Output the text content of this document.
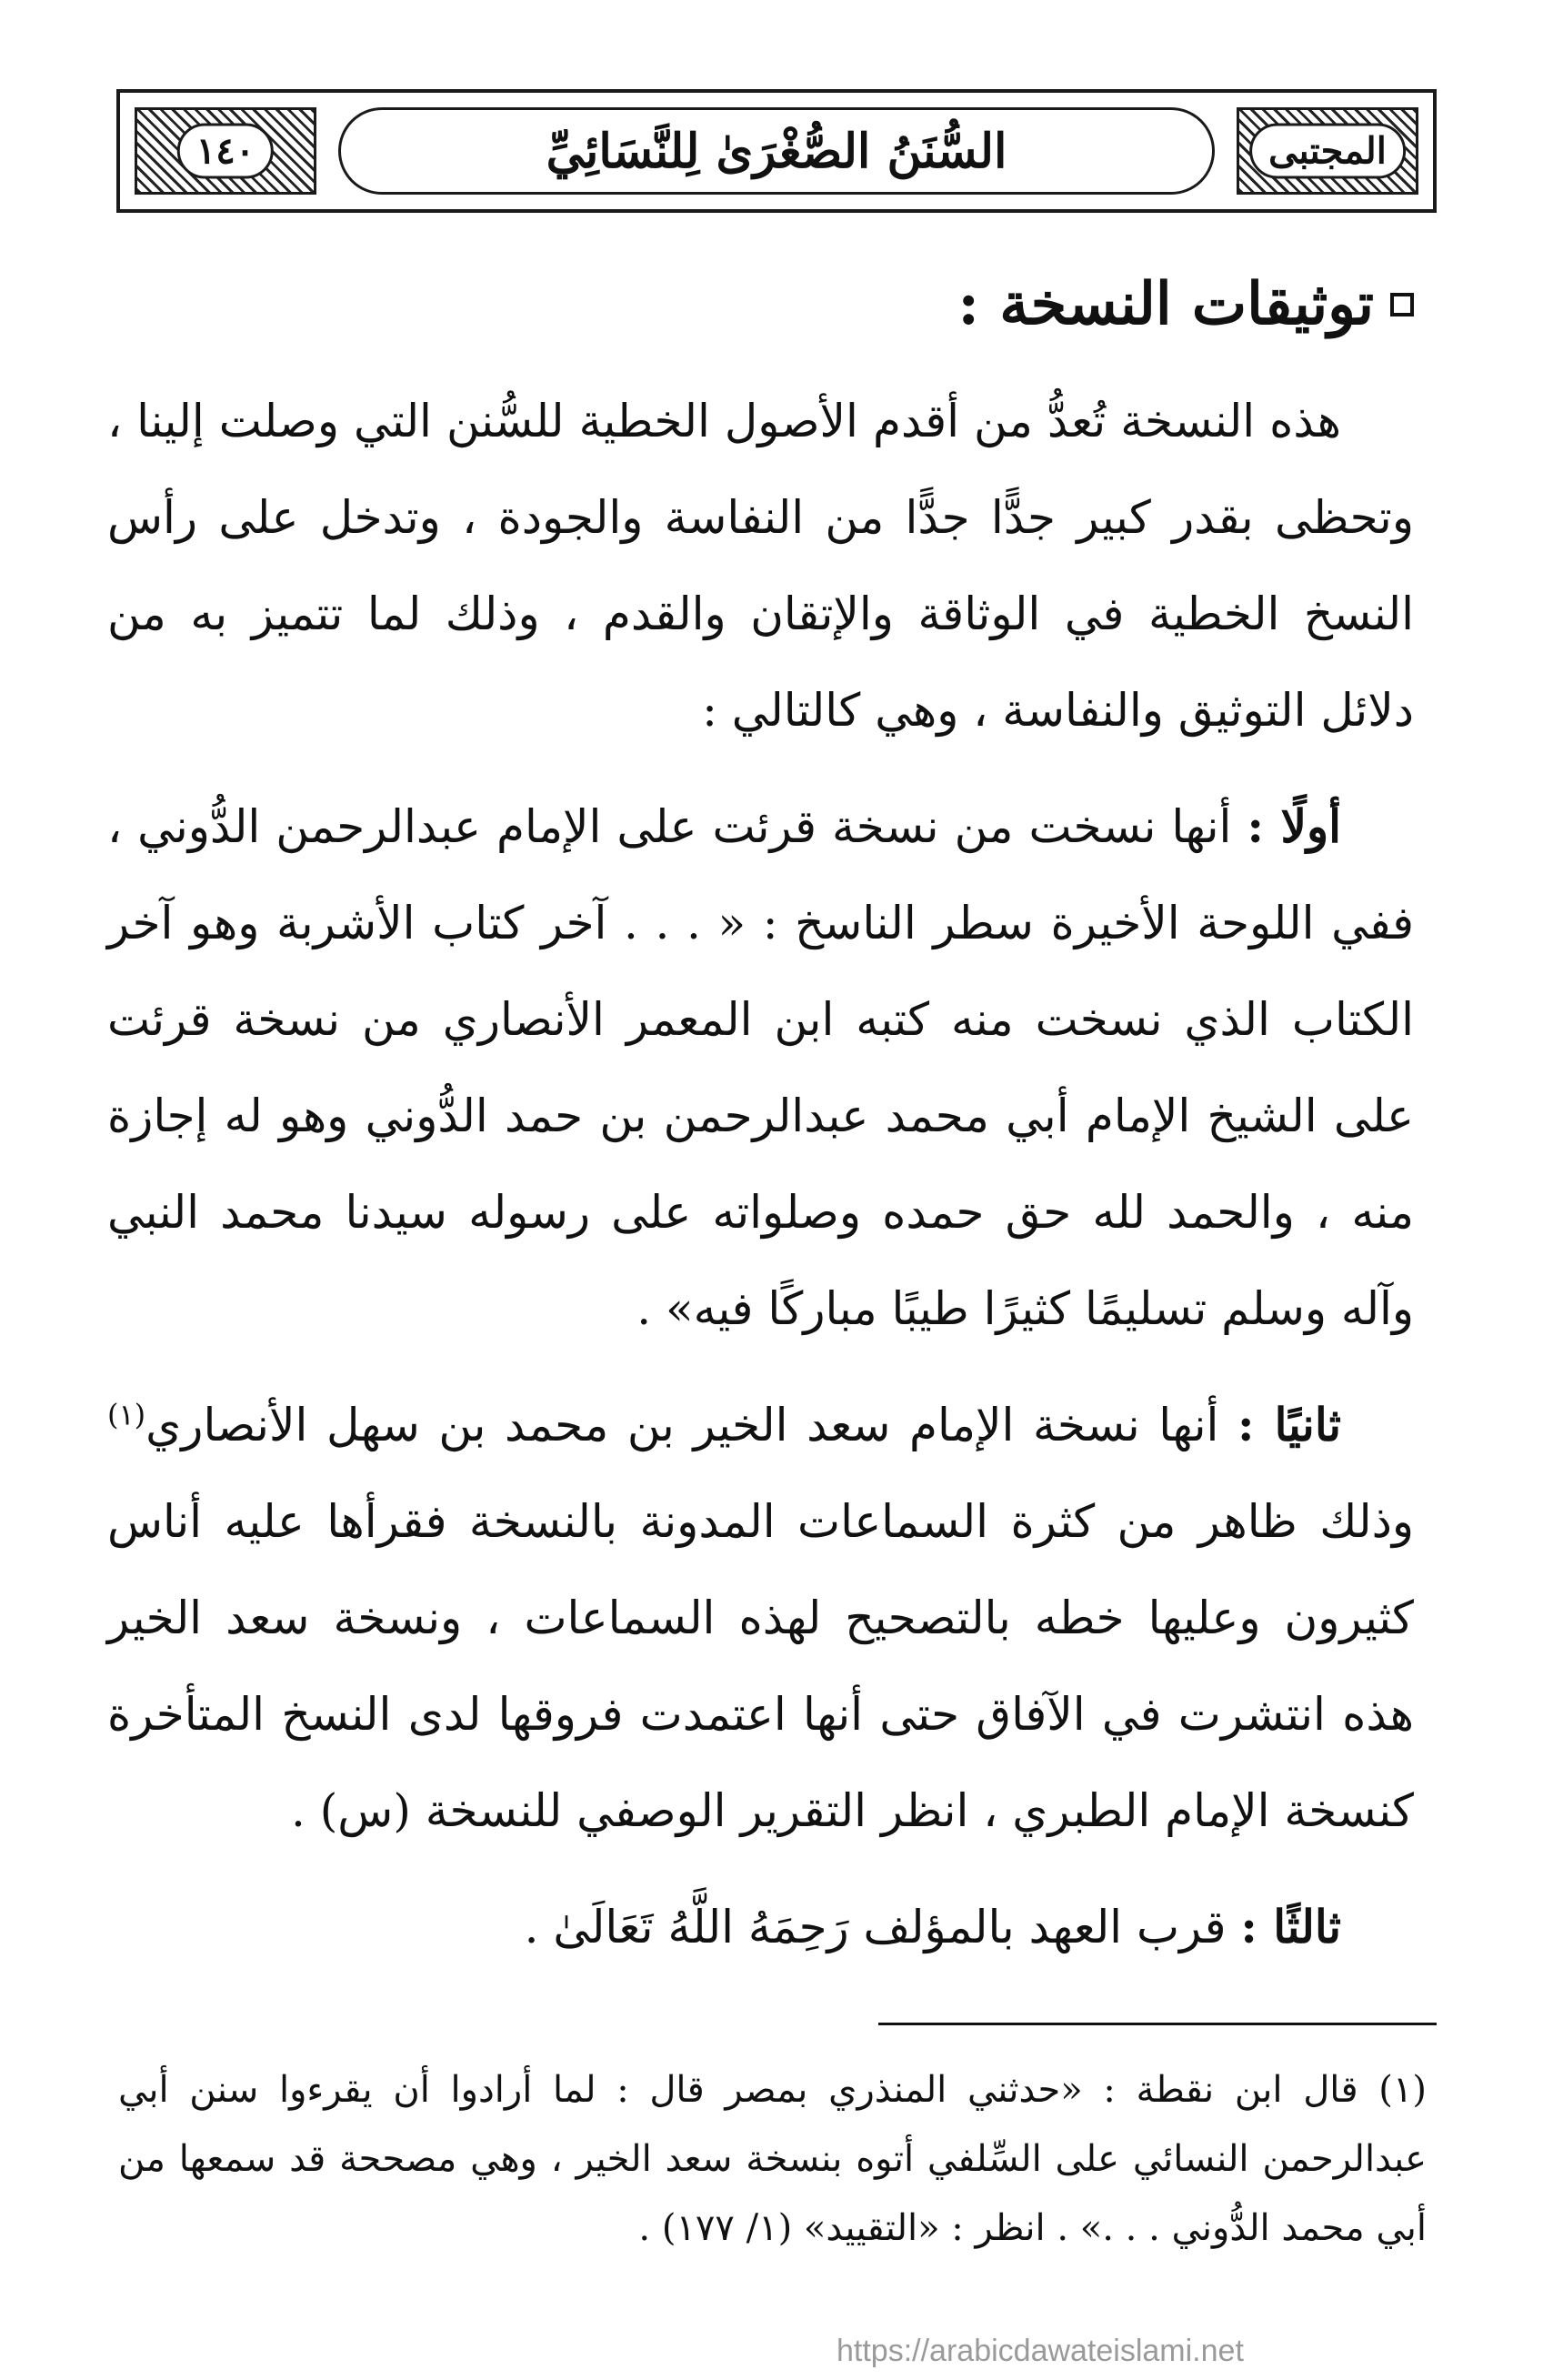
١٤٠	السُّنَنُ الصُّغْرَىٰ لِلنَّسَائِيِّ	المجتبى
توثيقات النسخة :

هذه النسخة تُعدُّ من أقدم الأصول الخطية للسُّنن التي وصلت إلينا ، وتحظى بقدر كبير جدًّا جدًّا من النفاسة والجودة ، وتدخل على رأس النسخ الخطية في الوثاقة والإتقان والقدم ، وذلك لما تتميز به من دلائل التوثيق والنفاسة ، وهي كالتالي :

أولًا : أنها نسخت من نسخة قرئت على الإمام عبدالرحمن الدُّوني ، ففي اللوحة الأخيرة سطر الناسخ : « . . . آخر كتاب الأشربة وهو آخر الكتاب الذي نسخت منه كتبه ابن المعمر الأنصاري من نسخة قرئت على الشيخ الإمام أبي محمد عبدالرحمن بن حمد الدُّوني وهو له إجازة منه ، والحمد لله حق حمده وصلواته على رسوله سيدنا محمد النبي وآله وسلم تسليمًا كثيرًا طيبًا مباركًا فيه» .

ثانيًا : أنها نسخة الإمام سعد الخير بن محمد بن سهل الأنصاري$^{(١)}$ وذلك ظاهر من كثرة السماعات المدونة بالنسخة فقرأها عليه أناس كثيرون وعليها خطه بالتصحيح لهذه السماعات ، ونسخة سعد الخير هذه انتشرت في الآفاق حتى أنها اعتمدت فروقها لدى النسخ المتأخرة كنسخة الإمام الطبري ، انظر التقرير الوصفي للنسخة (س) .

ثالثًا : قرب العهد بالمؤلف رَحِمَهُ اللَّهُ تَعَالَىٰ .

(١) قال ابن نقطة : «حدثني المنذري بمصر قال : لما أرادوا أن يقرءوا سنن أبي عبدالرحمن النسائي على السِّلفي أتوه بنسخة سعد الخير ، وهي مصححة قد سمعها من أبي محمد الدُّوني . . .» . انظر : «التقييد» (١/ ١٧٧) .

https://arabicdawateislami.net
